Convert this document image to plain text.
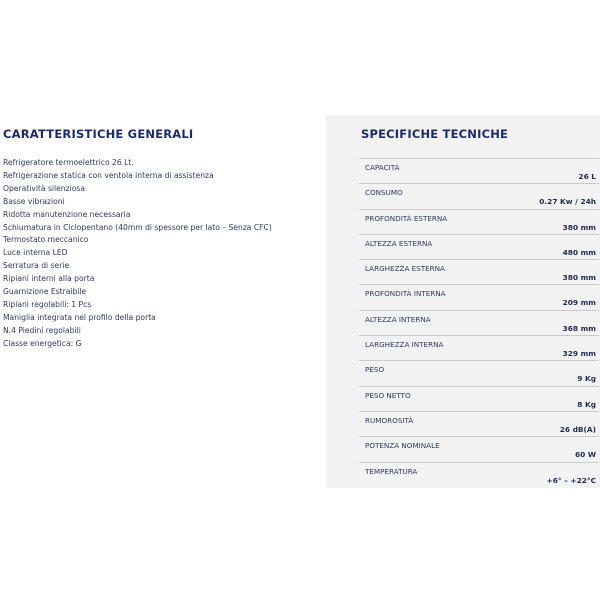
CARATTERISTICHE GENERALI
Refrigeratore termoelettrico 26 Lt.
Refrigerazione statica con ventola interna di assistenza
Operatività silenziosa
Basse vibrazioni
Ridotta manutenzione necessaria
Schiumatura in Ciclopentano (40mm di spessore per lato – Senza CFC)
Termostato meccanico
Luce interna LED
Serratura di serie
Ripiani interni alla porta
Guarnizione Estraibile
Ripiani regolabili: 1 Pcs
Maniglia integrata nel profilo della porta
N.4 Piedini regolabili
Classe energetica: G
SPECIFICHE TECNICHE
CAPACITÀ
26 L
CONSUMO
0.27 Kw / 24h
PROFONDITÀ ESTERNA
380 mm
ALTEZZA ESTERNA
480 mm
LARGHEZZA ESTERNA
380 mm
PROFONDITÀ INTERNA
209 mm
ALTEZZA INTERNA
368 mm
LARGHEZZA INTERNA
329 mm
PESO
9 Kg
PESO NETTO
8 Kg
RUMOROSITÀ
26 dB(A)
POTENZA NOMINALE
60 W
TEMPERATURA
+6° – +22°C
